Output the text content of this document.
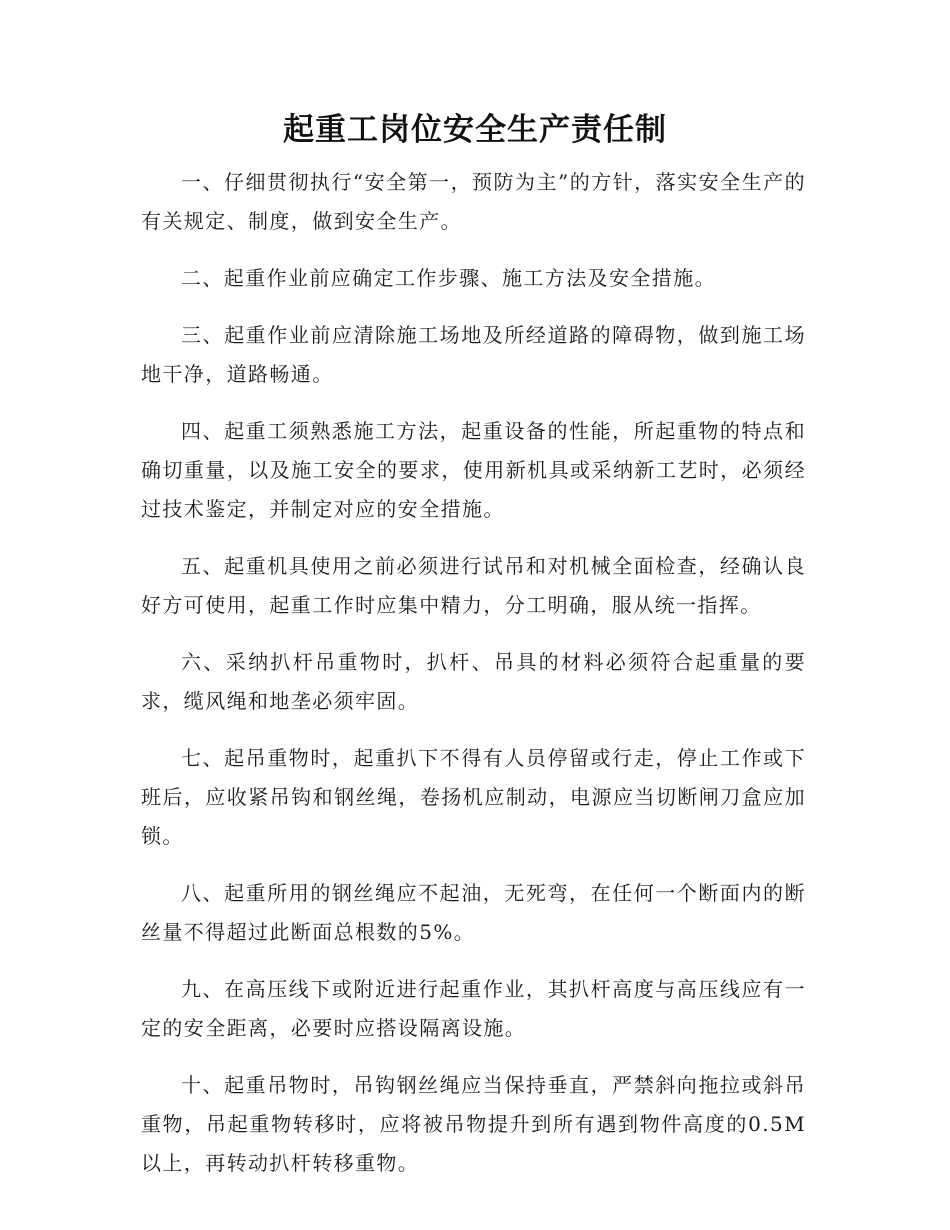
起重工岗位安全生产责任制

一、仔细贯彻执行“安全第一，预防为主”的方针，落实安全生产的有关规定、制度，做到安全生产。

二、起重作业前应确定工作步骤、施工方法及安全措施。

三、起重作业前应清除施工场地及所经道路的障碍物，做到施工场地干净，道路畅通。

四、起重工须熟悉施工方法，起重设备的性能，所起重物的特点和确切重量，以及施工安全的要求，使用新机具或采纳新工艺时，必须经过技术鉴定，并制定对应的安全措施。

五、起重机具使用之前必须进行试吊和对机械全面检查，经确认良好方可使用，起重工作时应集中精力，分工明确，服从统一指挥。

六、采纳扒杆吊重物时，扒杆、吊具的材料必须符合起重量的要求，缆风绳和地垄必须牢固。

七、起吊重物时，起重扒下不得有人员停留或行走，停止工作或下班后，应收紧吊钩和钢丝绳，卷扬机应制动，电源应当切断闸刀盒应加锁。

八、起重所用的钢丝绳应不起油，无死弯，在任何一个断面内的断丝量不得超过此断面总根数的5%。

九、在高压线下或附近进行起重作业，其扒杆高度与高压线应有一定的安全距离，必要时应搭设隔离设施。

十、起重吊物时，吊钩钢丝绳应当保持垂直，严禁斜向拖拉或斜吊重物，吊起重物转移时，应将被吊物提升到所有遇到物件高度的0.5M以上，再转动扒杆转移重物。
